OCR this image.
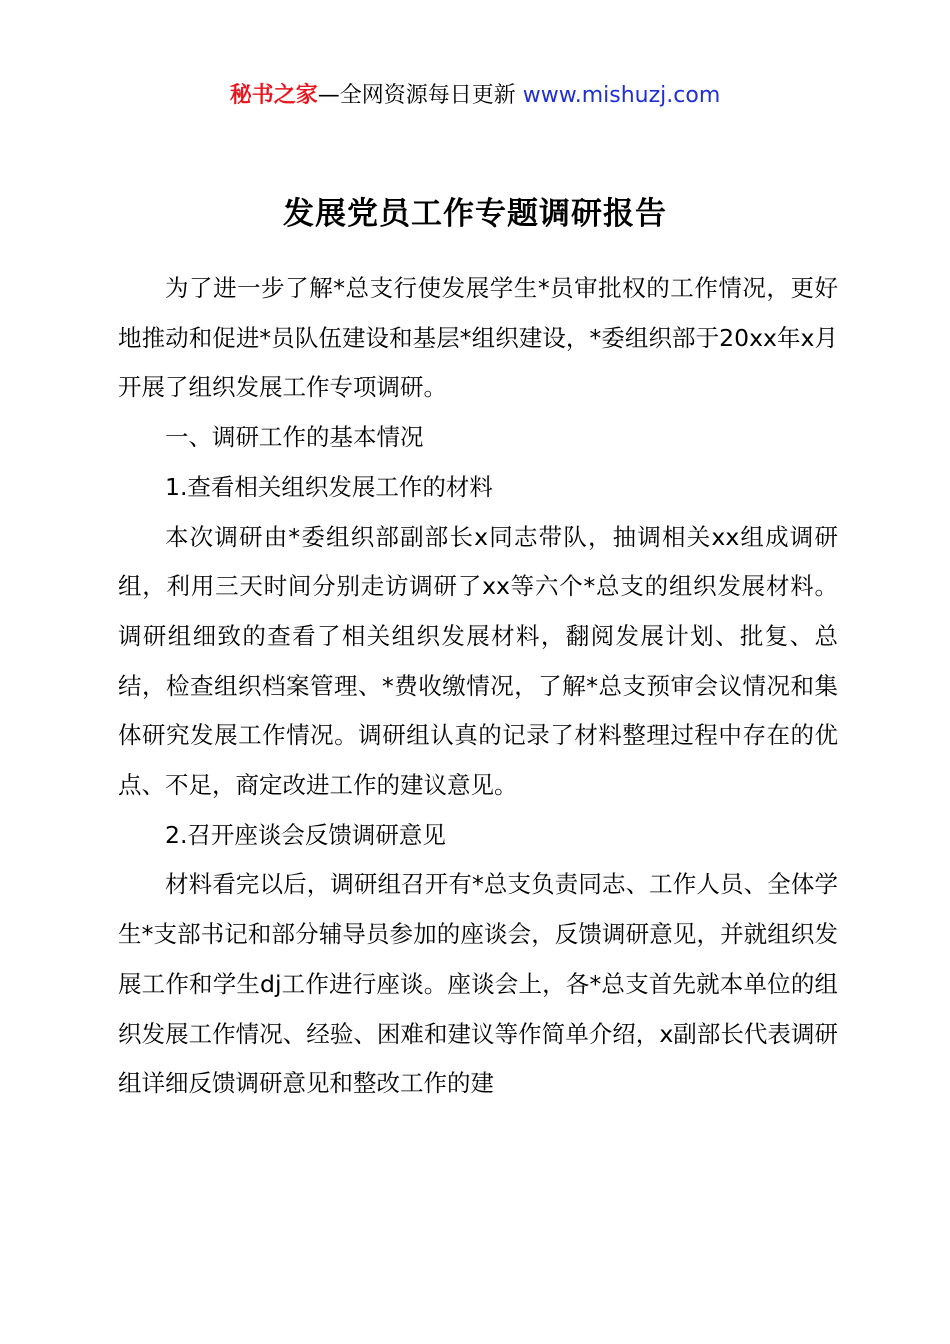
秘书之家—全网资源每日更新 www.mishuzj.com
发展党员工作专题调研报告

为了进一步了解*总支行使发展学生*员审批权的工作情况，更好地推动和促进*员队伍建设和基层*组织建设，*委组织部于20xx年x月开展了组织发展工作专项调研。

一、调研工作的基本情况

1.查看相关组织发展工作的材料

本次调研由*委组织部副部长x同志带队，抽调相关xx组成调研组，利用三天时间分别走访调研了xx等六个*总支的组织发展材料。调研组细致的查看了相关组织发展材料，翻阅发展计划、批复、总结，检查组织档案管理、*费收缴情况，了解*总支预审会议情况和集体研究发展工作情况。调研组认真的记录了材料整理过程中存在的优点、不足，商定改进工作的建议意见。

2.召开座谈会反馈调研意见

材料看完以后，调研组召开有*总支负责同志、工作人员、全体学生*支部书记和部分辅导员参加的座谈会，反馈调研意见，并就组织发展工作和学生dj工作进行座谈。座谈会上，各*总支首先就本单位的组织发展工作情况、经验、困难和建议等作简单介绍，x副部长代表调研组详细反馈调研意见和整改工作的建
